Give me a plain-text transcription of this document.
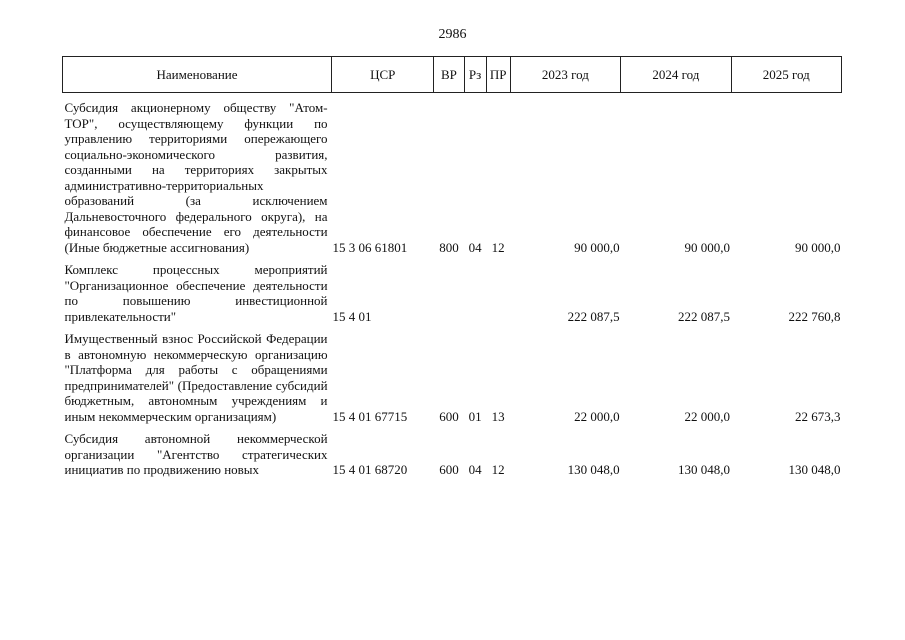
2986
Наименование	ЦСР	ВР	Рз	ПР	2023 год	2024 год	2025 год
Субсидия акционерному обществу "Атом-ТОР", осуществляющему функции по управлению территориями опережающего социально-экономического развития, созданными на территориях закрытых административно-территориальных образований (за исключением Дальневосточного федерального округа), на финансовое обеспечение его деятельности (Иные бюджетные ассигнования)	15 3 06 61801	800	04	12	90 000,0	90 000,0	90 000,0
Комплекс процессных мероприятий "Организационное обеспечение деятельности по повышению инвестиционной привлекательности"	15 4 01				222 087,5	222 087,5	222 760,8
Имущественный взнос Российской Федерации в автономную некоммерческую организацию "Платформа для работы с обращениями предпринимателей" (Предоставление субсидий бюджетным, автономным учреждениям и иным некоммерческим организациям)	15 4 01 67715	600	01	13	22 000,0	22 000,0	22 673,3
Субсидия автономной некоммерческой организации "Агентство стратегических инициатив по продвижению новых	15 4 01 68720	600	04	12	130 048,0	130 048,0	130 048,0
